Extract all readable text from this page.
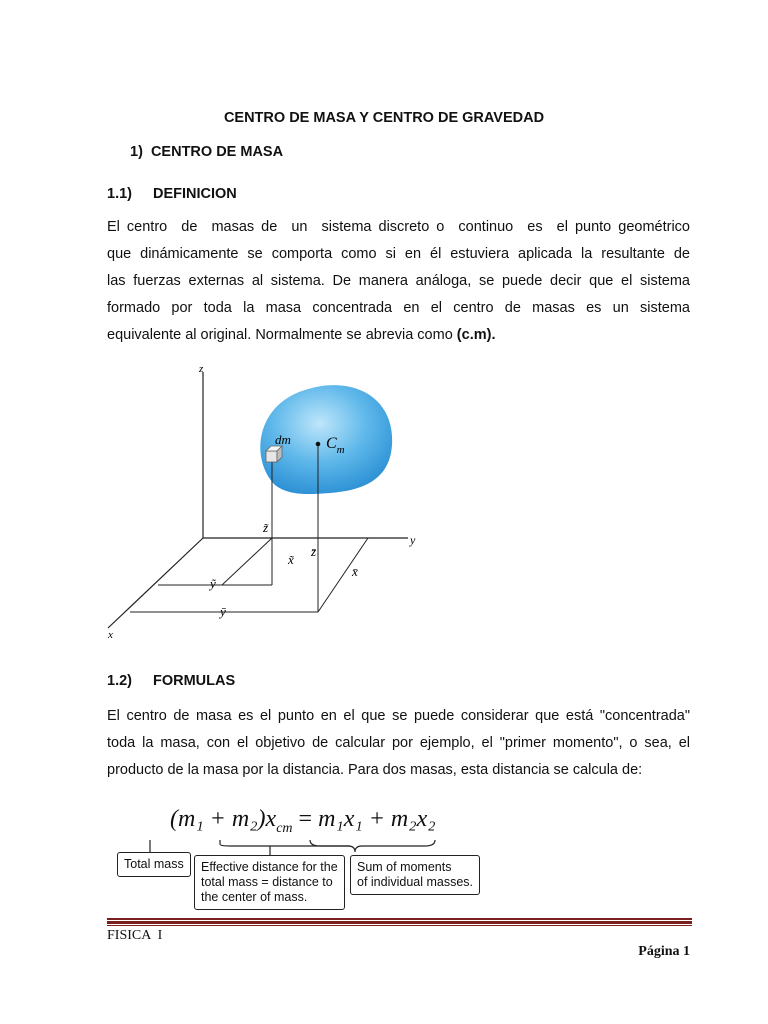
CENTRO DE MASA Y CENTRO DE GRAVEDAD
1)  CENTRO DE MASA
1.1) DEFINICION
El centro  de  masas de  un  sistema discreto o  continuo  es  el punto geométrico
que dinámicamente se comporta como si en él estuviera aplicada la resultante de
las fuerzas externas al sistema. De manera análoga, se puede decir que el sistema
formado por toda la masa concentrada en el centro de masas es un sistema
equivalente al original. Normalmente se abrevia como (c.m).
z
y
x
dm $C_m$
z̃
z̄
x̃
x̄
ỹ
ȳ
1.2) FORMULAS
El centro de masa es el punto en el que se puede considerar que está "concentrada"
toda la masa, con el objetivo de calcular por ejemplo, el "primer momento", o sea, el
producto de la masa por la distancia. Para dos masas, esta distancia se calcula de:
$(m_1 + m_2)x_{cm} = m_1x_1 + m_2x_2$
Total mass	Effective distance for the
total mass = distance to
the center of mass.
Sum of moments
of individual masses.
FISICA  I
Página 1
